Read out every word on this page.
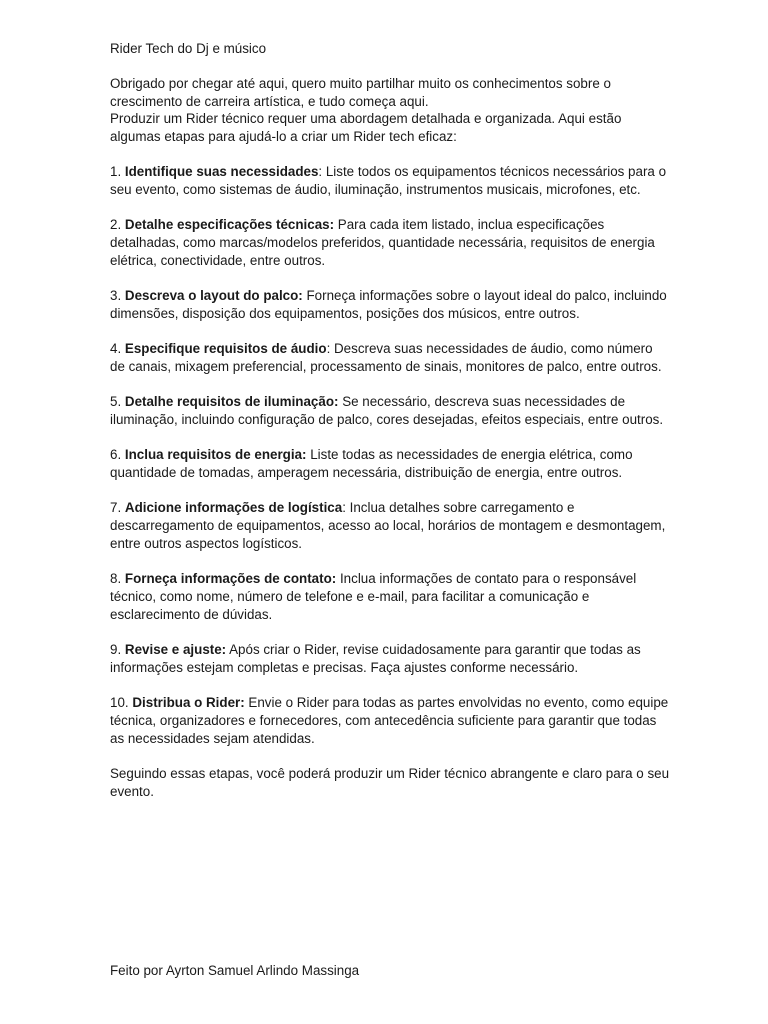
Rider Tech do Dj e músico

Obrigado por chegar até aqui, quero muito partilhar muito os conhecimentos sobre o crescimento de carreira artística, e tudo começa aqui.

Produzir um Rider técnico requer uma abordagem detalhada e organizada. Aqui estão algumas etapas para ajudá-lo a criar um Rider tech eficaz:

1. Identifique suas necessidades: Liste todos os equipamentos técnicos necessários para o seu evento, como sistemas de áudio, iluminação, instrumentos musicais, microfones, etc.

2. Detalhe especificações técnicas: Para cada item listado, inclua especificações detalhadas, como marcas/modelos preferidos, quantidade necessária, requisitos de energia elétrica, conectividade, entre outros.

3. Descreva o layout do palco: Forneça informações sobre o layout ideal do palco, incluindo dimensões, disposição dos equipamentos, posições dos músicos, entre outros.

4. Especifique requisitos de áudio: Descreva suas necessidades de áudio, como número de canais, mixagem preferencial, processamento de sinais, monitores de palco, entre outros.

5. Detalhe requisitos de iluminação: Se necessário, descreva suas necessidades de iluminação, incluindo configuração de palco, cores desejadas, efeitos especiais, entre outros.

6. Inclua requisitos de energia: Liste todas as necessidades de energia elétrica, como quantidade de tomadas, amperagem necessária, distribuição de energia, entre outros.

7. Adicione informações de logística: Inclua detalhes sobre carregamento e descarregamento de equipamentos, acesso ao local, horários de montagem e desmontagem, entre outros aspectos logísticos.

8. Forneça informações de contato: Inclua informações de contato para o responsável técnico, como nome, número de telefone e e-mail, para facilitar a comunicação e esclarecimento de dúvidas.

9. Revise e ajuste: Após criar o Rider, revise cuidadosamente para garantir que todas as informações estejam completas e precisas. Faça ajustes conforme necessário.

10. Distribua o Rider: Envie o Rider para todas as partes envolvidas no evento, como equipe técnica, organizadores e fornecedores, com antecedência suficiente para garantir que todas as necessidades sejam atendidas.

Seguindo essas etapas, você poderá produzir um Rider técnico abrangente e claro para o seu evento.

Feito por Ayrton Samuel Arlindo Massinga
